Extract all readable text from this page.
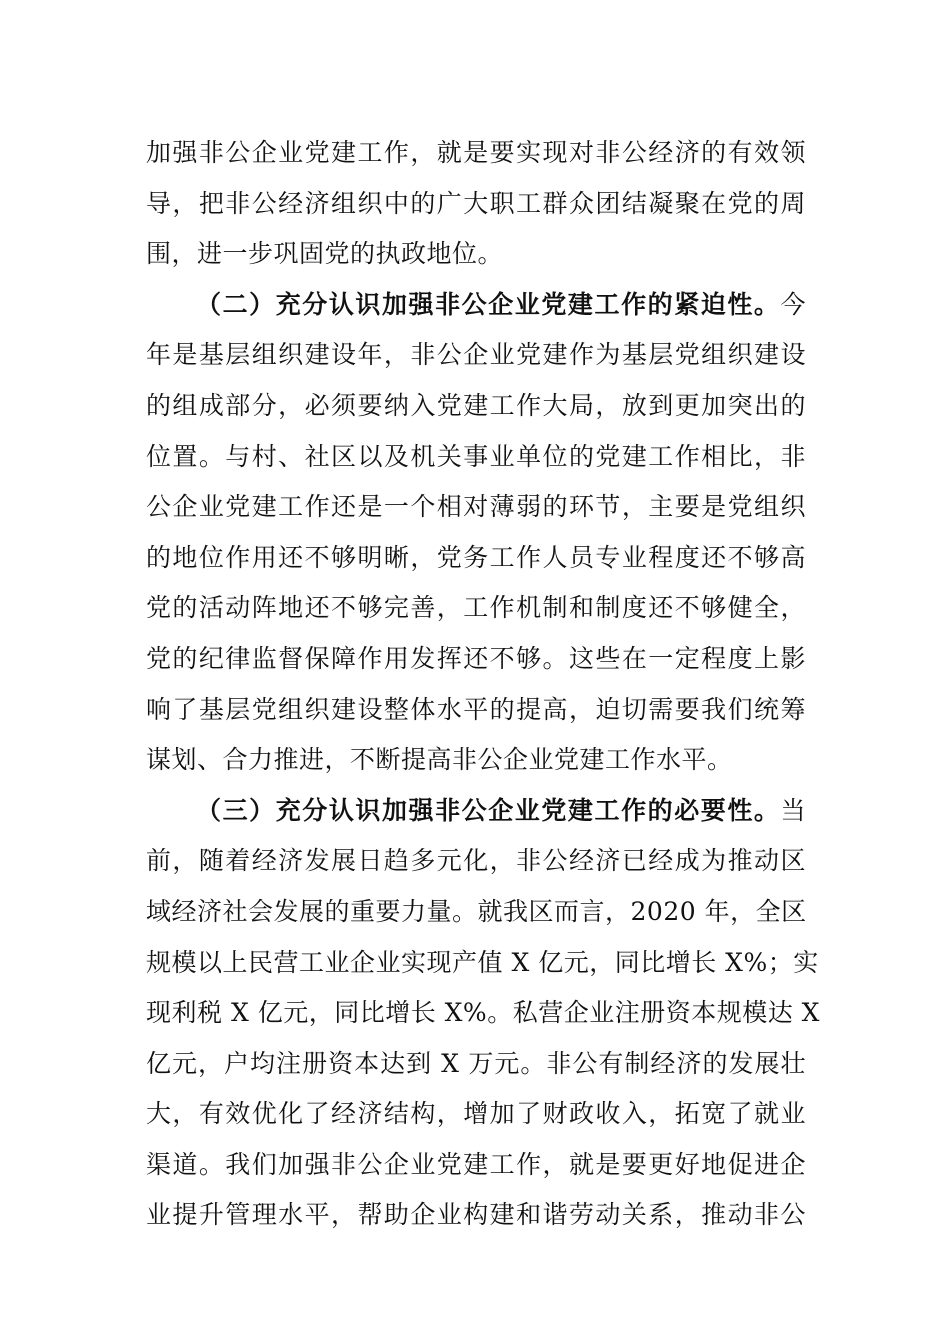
加强非公企业党建工作，就是要实现对非公经济的有效领
导，把非公经济组织中的广大职工群众团结凝聚在党的周
围，进一步巩固党的执政地位。
（二）充分认识加强非公企业党建工作的紧迫性。今
年是基层组织建设年，非公企业党建作为基层党组织建设
的组成部分，必须要纳入党建工作大局，放到更加突出的
位置。与村、社区以及机关事业单位的党建工作相比，非
公企业党建工作还是一个相对薄弱的环节，主要是党组织
的地位作用还不够明晰，党务工作人员专业程度还不够高
党的活动阵地还不够完善，工作机制和制度还不够健全，
党的纪律监督保障作用发挥还不够。这些在一定程度上影
响了基层党组织建设整体水平的提高，迫切需要我们统筹
谋划、合力推进，不断提高非公企业党建工作水平。
（三）充分认识加强非公企业党建工作的必要性。当
前，随着经济发展日趋多元化，非公经济已经成为推动区
域经济社会发展的重要力量。就我区而言，2020 年，全区
规模以上民营工业企业实现产值 X 亿元，同比增长 X%；实
现利税 X 亿元，同比增长 X%。私营企业注册资本规模达 X
亿元，户均注册资本达到 X 万元。非公有制经济的发展壮
大，有效优化了经济结构，增加了财政收入，拓宽了就业
渠道。我们加强非公企业党建工作，就是要更好地促进企
业提升管理水平，帮助企业构建和谐劳动关系，推动非公
